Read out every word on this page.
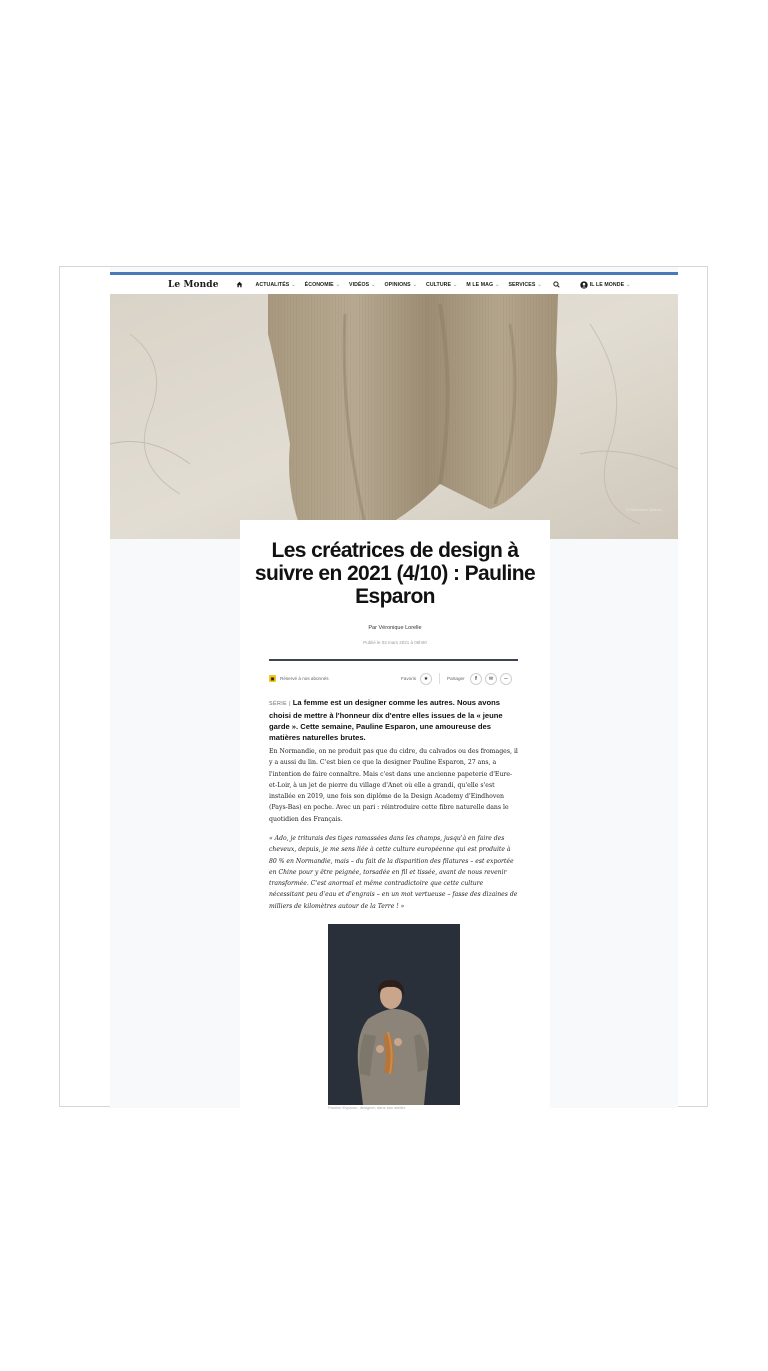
Le Monde	ACTUALITÉS ⌄ ÉCONOMIE ⌄ VIDÉOS ⌄ OPINIONS ⌄ CULTURE ⌄ M LE MAG ⌄ SERVICES ⌄	IL LE MONDE ⌄
© Clémence Bolloré
Les créatrices de design à suivre en 2021 (4/10) : Pauline Esparon
Par Véronique Lorelle
Publié le 03 mars 2021 à 06h00
▣	Réservé à nos abonnés	Favoris	★	Partager	f	✉	∼

SÉRIE | La femme est un designer comme les autres. Nous avons choisi de mettre à l'honneur dix d'entre elles issues de la « jeune garde ». Cette semaine, Pauline Esparon, une amoureuse des matières naturelles brutes.

En Normandie, on ne produit pas que du cidre, du calvados ou des fromages, il y a aussi du lin. C'est bien ce que la designer Pauline Esparon, 27 ans, a l'intention de faire connaître. Mais c'est dans une ancienne papeterie d'Eure-et-Loir, à un jet de pierre du village d'Anet où elle a grandi, qu'elle s'est installée en 2019, une fois son diplôme de la Design Academy d'Eindhoven (Pays-Bas) en poche. Avec un pari : réintroduire cette fibre naturelle dans le quotidien des Français.

« Ado, je triturais des tiges ramassées dans les champs, jusqu'à en faire des cheveux, depuis, je me sens liée à cette culture européenne qui est produite à 80 % en Normandie, mais – du fait de la disparition des filatures – est exportée en Chine pour y être peignée, torsadée en fil et tissée, avant de nous revenir transformée. C'est anormal et même contradictoire que cette culture nécessitant peu d'eau et d'engrais – en un mot vertueuse – fasse des dizaines de milliers de kilomètres autour de la Terre ! »

Pauline Esparon, designer, dans son atelier.
